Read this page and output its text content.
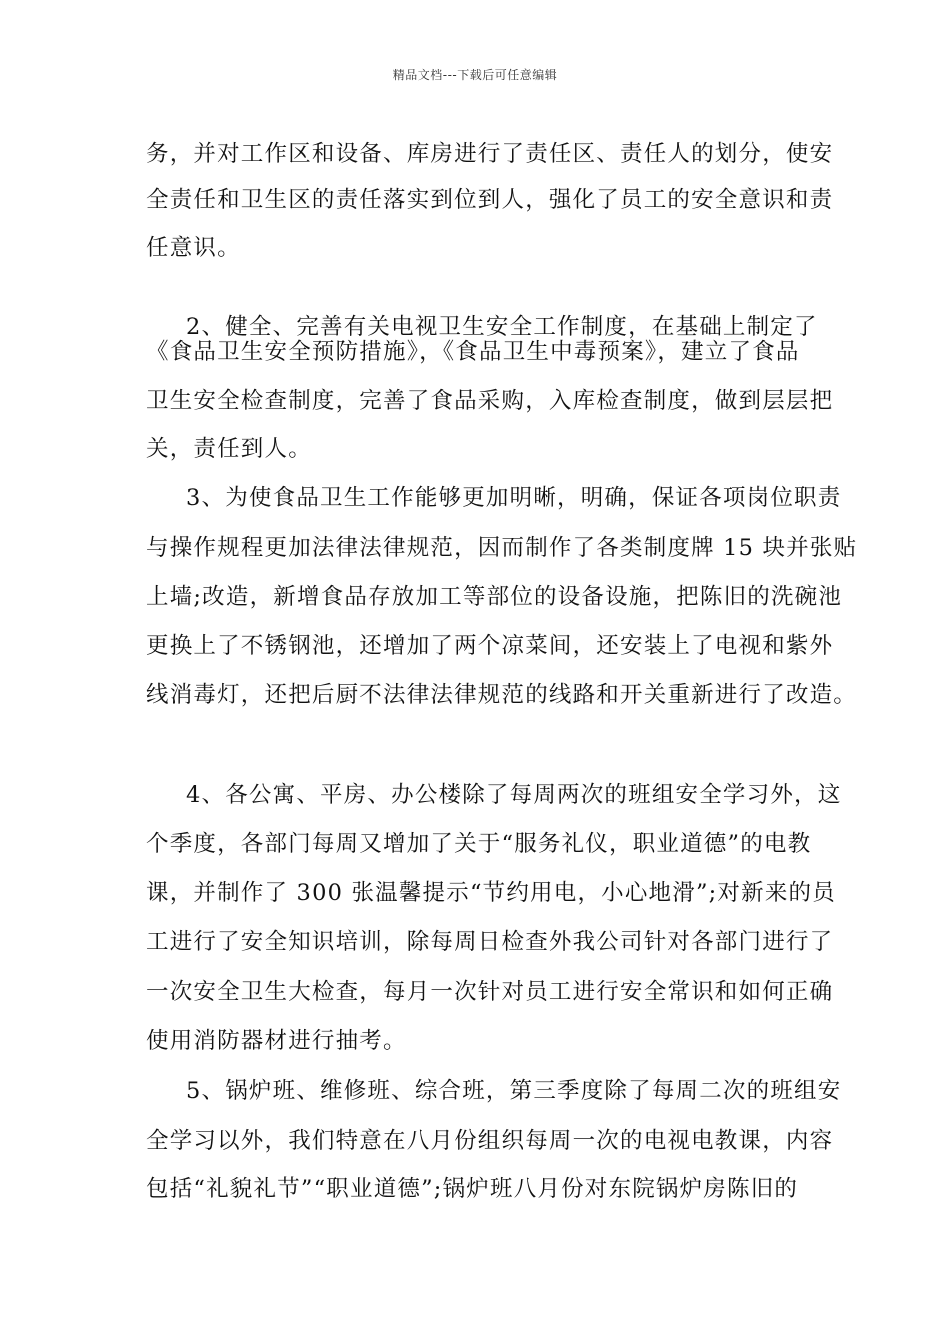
精品文档---下载后可任意编辑
务，并对工作区和设备、库房进行了责任区、责任人的划分，使安
全责任和卫生区的责任落实到位到人，强化了员工的安全意识和责
任意识。
2、健全、完善有关电视卫生安全工作制度，在基础上制定了
《食品卫生安全预防措施》，《食品卫生中毒预案》，建立了食品
卫生安全检查制度，完善了食品采购，入库检查制度，做到层层把
关，责任到人。
3、为使食品卫生工作能够更加明晰，明确，保证各项岗位职责
与操作规程更加法律法律规范，因而制作了各类制度牌 15 块并张贴
上墙;改造，新增食品存放加工等部位的设备设施，把陈旧的洗碗池
更换上了不锈钢池，还增加了两个凉菜间，还安装上了电视和紫外
线消毒灯，还把后厨不法律法律规范的线路和开关重新进行了改造。
4、各公寓、平房、办公楼除了每周两次的班组安全学习外，这
个季度，各部门每周又增加了关于“服务礼仪，职业道德”的电教
课，并制作了 300 张温馨提示“节约用电，小心地滑”;对新来的员
工进行了安全知识培训，除每周日检查外我公司针对各部门进行了
一次安全卫生大检查，每月一次针对员工进行安全常识和如何正确
使用消防器材进行抽考。
5、锅炉班、维修班、综合班，第三季度除了每周二次的班组安
全学习以外，我们特意在八月份组织每周一次的电视电教课，内容
包括“礼貌礼节”“职业道德”;锅炉班八月份对东院锅炉房陈旧的
